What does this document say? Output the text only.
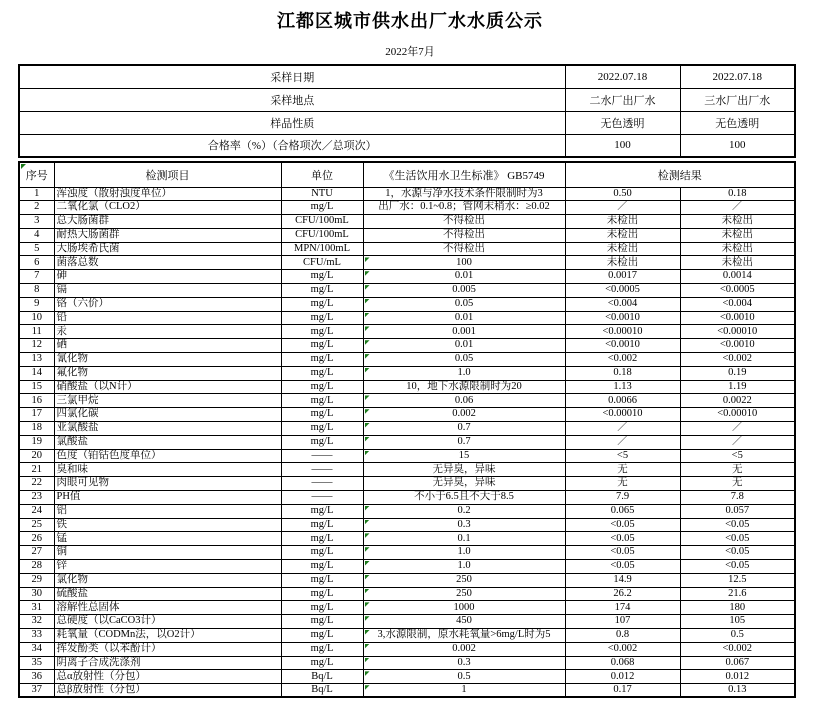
江都区城市供水出厂水水质公示
2022年7月
采样日期	2022.07.18	2022.07.18
采样地点	二水厂出厂水	三水厂出厂水
样品性质	无色透明	无色透明
合格率（%）（合格项次／总项次）	100	100
序号	检测项目	单位	《生活饮用水卫生标准》 GB5749	检测结果	
1	浑浊度（散射浊度单位）	NTU	1，水源与净水技术条件限制时为3	0.50	0.18
2	二氧化氯（CLO2）	mg/L	出厂水：0.1~0.8；管网末稍水：≥0.02	／	／
3	总大肠菌群	CFU/100mL	不得检出	未检出	未检出
4	耐热大肠菌群	CFU/100mL	不得检出	未检出	未检出
5	大肠埃希氏菌	MPN/100mL	不得检出	未检出	未检出
6	菌落总数	CFU/mL	100	未检出	未检出
7	砷	mg/L	0.01	0.0017	0.0014
8	镉	mg/L	0.005	<0.0005	<0.0005
9	铬（六价）	mg/L	0.05	<0.004	<0.004
10	铅	mg/L	0.01	<0.0010	<0.0010
11	汞	mg/L	0.001	<0.00010	<0.00010
12	硒	mg/L	0.01	<0.0010	<0.0010
13	氰化物	mg/L	0.05	<0.002	<0.002
14	氟化物	mg/L	1.0	0.18	0.19
15	硝酸盐（以N计）	mg/L	10，地下水源限制时为20	1.13	1.19
16	三氯甲烷	mg/L	0.06	0.0066	0.0022
17	四氯化碳	mg/L	0.002	<0.00010	<0.00010
18	亚氯酸盐	mg/L	0.7	／	／
19	氯酸盐	mg/L	0.7	／	／
20	色度（铂钴色度单位）	——	15	<5	<5
21	臭和味	——	无异臭，异味	无	无
22	肉眼可见物	——	无异臭，异味	无	无
23	PH值	——	不小于6.5且不大于8.5	7.9	7.8
24	铝	mg/L	0.2	0.065	0.057
25	铁	mg/L	0.3	<0.05	<0.05
26	锰	mg/L	0.1	<0.05	<0.05
27	铜	mg/L	1.0	<0.05	<0.05
28	锌	mg/L	1.0	<0.05	<0.05
29	氯化物	mg/L	250	14.9	12.5
30	硫酸盐	mg/L	250	26.2	21.6
31	溶解性总固体	mg/L	1000	174	180
32	总硬度（以CaCO3计）	mg/L	450	107	105
33	耗氧量（CODMn法，以O2计）	mg/L	3,水源限制，原水耗氧量>6mg/L时为5	0.8	0.5
34	挥发酚类（以苯酚计）	mg/L	0.002	<0.002	<0.002
35	阴离子合成洗涤剂	mg/L	0.3	0.068	0.067
36	总α放射性（分包）	Bq/L	0.5	0.012	0.012
37	总β放射性（分包）	Bq/L	1	0.17	0.13
